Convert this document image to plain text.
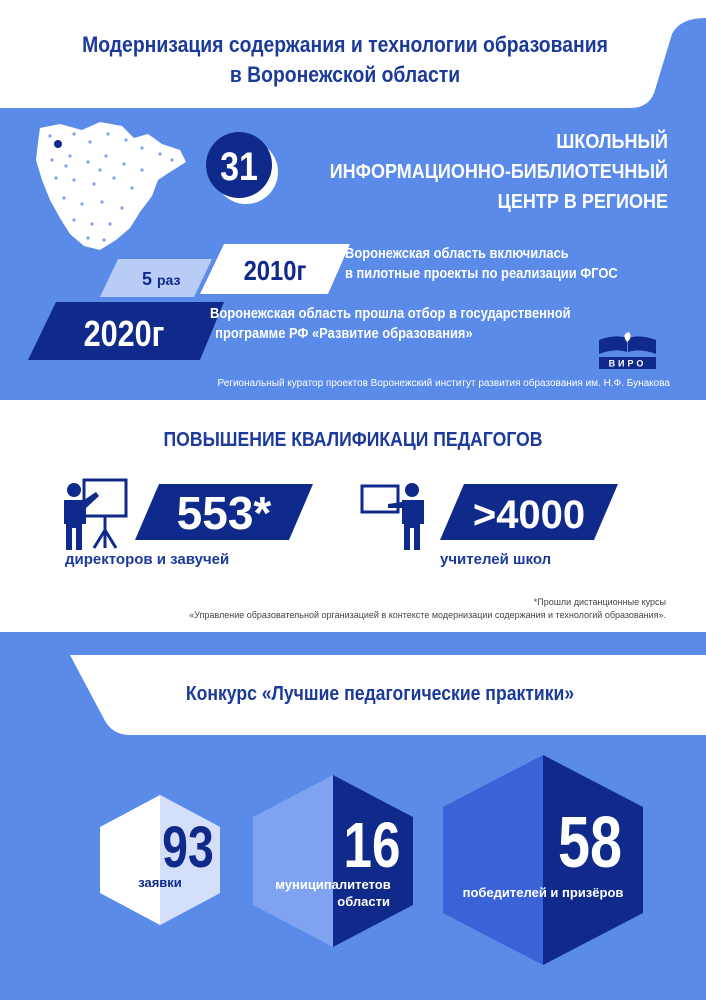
Модернизация содержания и технологии образования
в Воронежской области
31
ШКОЛЬНЫЙ
ИНФОРМАЦИОННО-БИБЛИОТЕЧНЫЙ
ЦЕНТР В РЕГИОНЕ
5 раз 2010г
Воронежская область включилась
в пилотные проекты по реализации ФГОС
2020г
Воронежская область прошла отбор в государственной
программе РФ «Развитие образования»
ВИРО
Региональный куратор проектов Воронежский институт развития образования им. Н.Ф. Бунакова
ПОВЫШЕНИЕ КВАЛИФИКАЦИ ПЕДАГОГОВ
553*	>4000
директоров и завучей	учителей школ
*Прошли дистанционные курсы
«Управление образовательной организацией в контексте модернизации содержания и технологий образования».
Конкурс «Лучшие педагогические практики»
93
заявки
16
муниципалитетов
области
58
победителей и призёров
